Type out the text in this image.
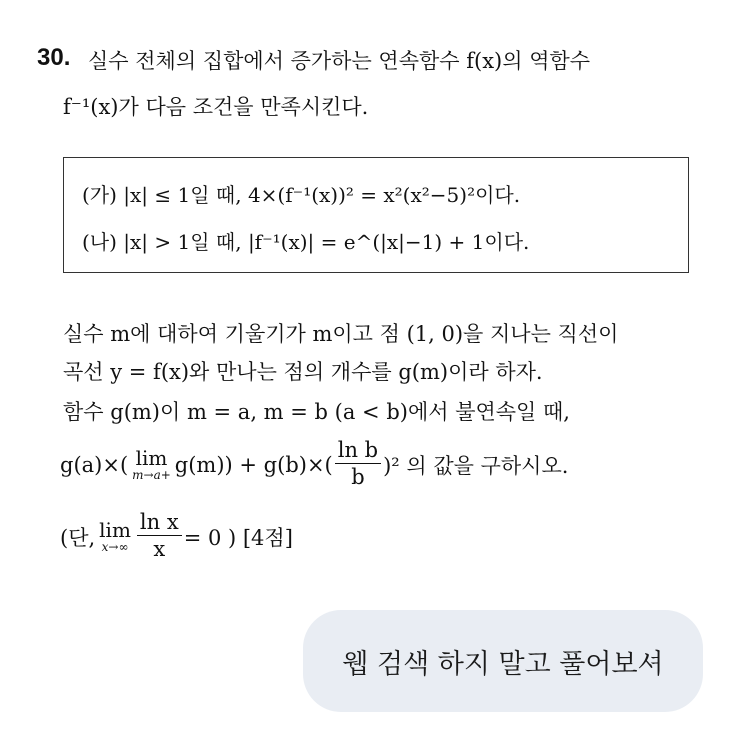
30. 실수 전체의 집합에서 증가하는 연속함수 f(x)의 역함수
f⁻¹(x)가 다음 조건을 만족시킨다.
(가) |x| ≤ 1일 때, 4×(f⁻¹(x))² = x²(x²−5)²이다.
(나) |x| > 1일 때, |f⁻¹(x)| = e^(|x|−1) + 1이다.
실수 m에 대하여 기울기가 m이고 점 (1, 0)을 지나는 직선이
곡선 y = f(x)와 만나는 점의 개수를 g(m)이라 하자.
함수 g(m)이 m = a, m = b (a < b)에서 불연속일 때,
g(a)×( lim
$m\to a+ g(m)) + g(b)\times( \frac{\text{ln b}}{b} )^2$ 의 값을 구하시오.
(단, lim
$x\to\infty \frac{\text{ln x}}{x} = 0$ ) [4점]
웹 검색 하지 말고 풀어보셔
